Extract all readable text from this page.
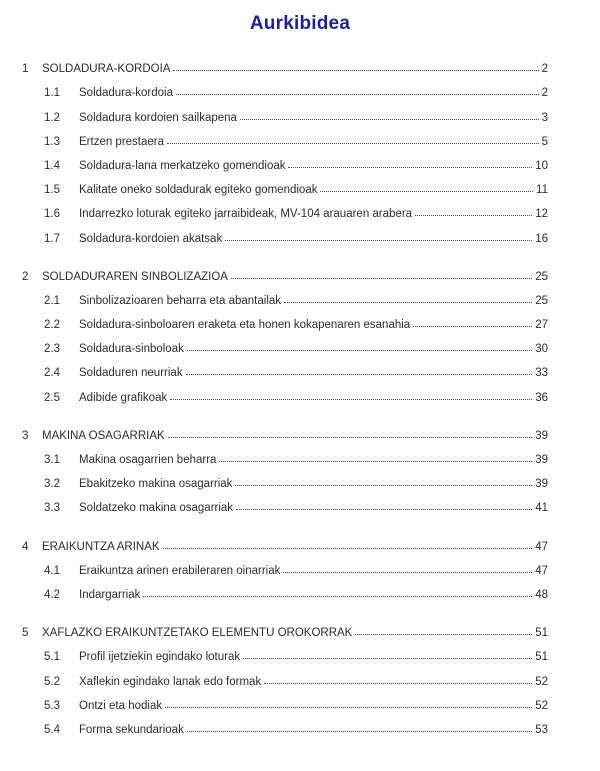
Aurkibidea
1	SOLDADURA-KORDOIA	2
1.1	Soldadura-kordoia	2
1.2	Soldadura kordoien sailkapena	3
1.3	Ertzen prestaera	5
1.4	Soldadura-lana merkatzeko gomendioak	10
1.5	Kalitate oneko soldadurak egiteko gomendioak	11
1.6	Indarrezko loturak egiteko jarraibideak, MV-104 arauaren arabera	12
1.7	Soldadura-kordoien akatsak	16
2	SOLDADURAREN SINBOLIZAZIOA	25
2.1	Sinbolizazioaren beharra eta abantailak	25
2.2	Soldadura-sinboloaren eraketa eta honen kokapenaren esanahia	27
2.3	Soldadura-sinboloak	30
2.4	Soldaduren neurriak	33
2.5	Adibide grafikoak	36
3	MAKINA OSAGARRIAK	39
3.1	Makina osagarrien beharra	39
3.2	Ebakitzeko makina osagarriak	39
3.3	Soldatzeko makina osagarriak	41
4	ERAIKUNTZA ARINAK	47
4.1	Eraikuntza arinen erabileraren oinarriak	47
4.2	Indargarriak	48
5	XAFLAZKO ERAIKUNTZETAKO ELEMENTU OROKORRAK	51
5.1	Profil ijetziekin egindako loturak	51
5.2	Xaflekin egindako lanak edo formak	52
5.3	Ontzi eta hodiak	52
5.4	Forma sekundarioak	53
